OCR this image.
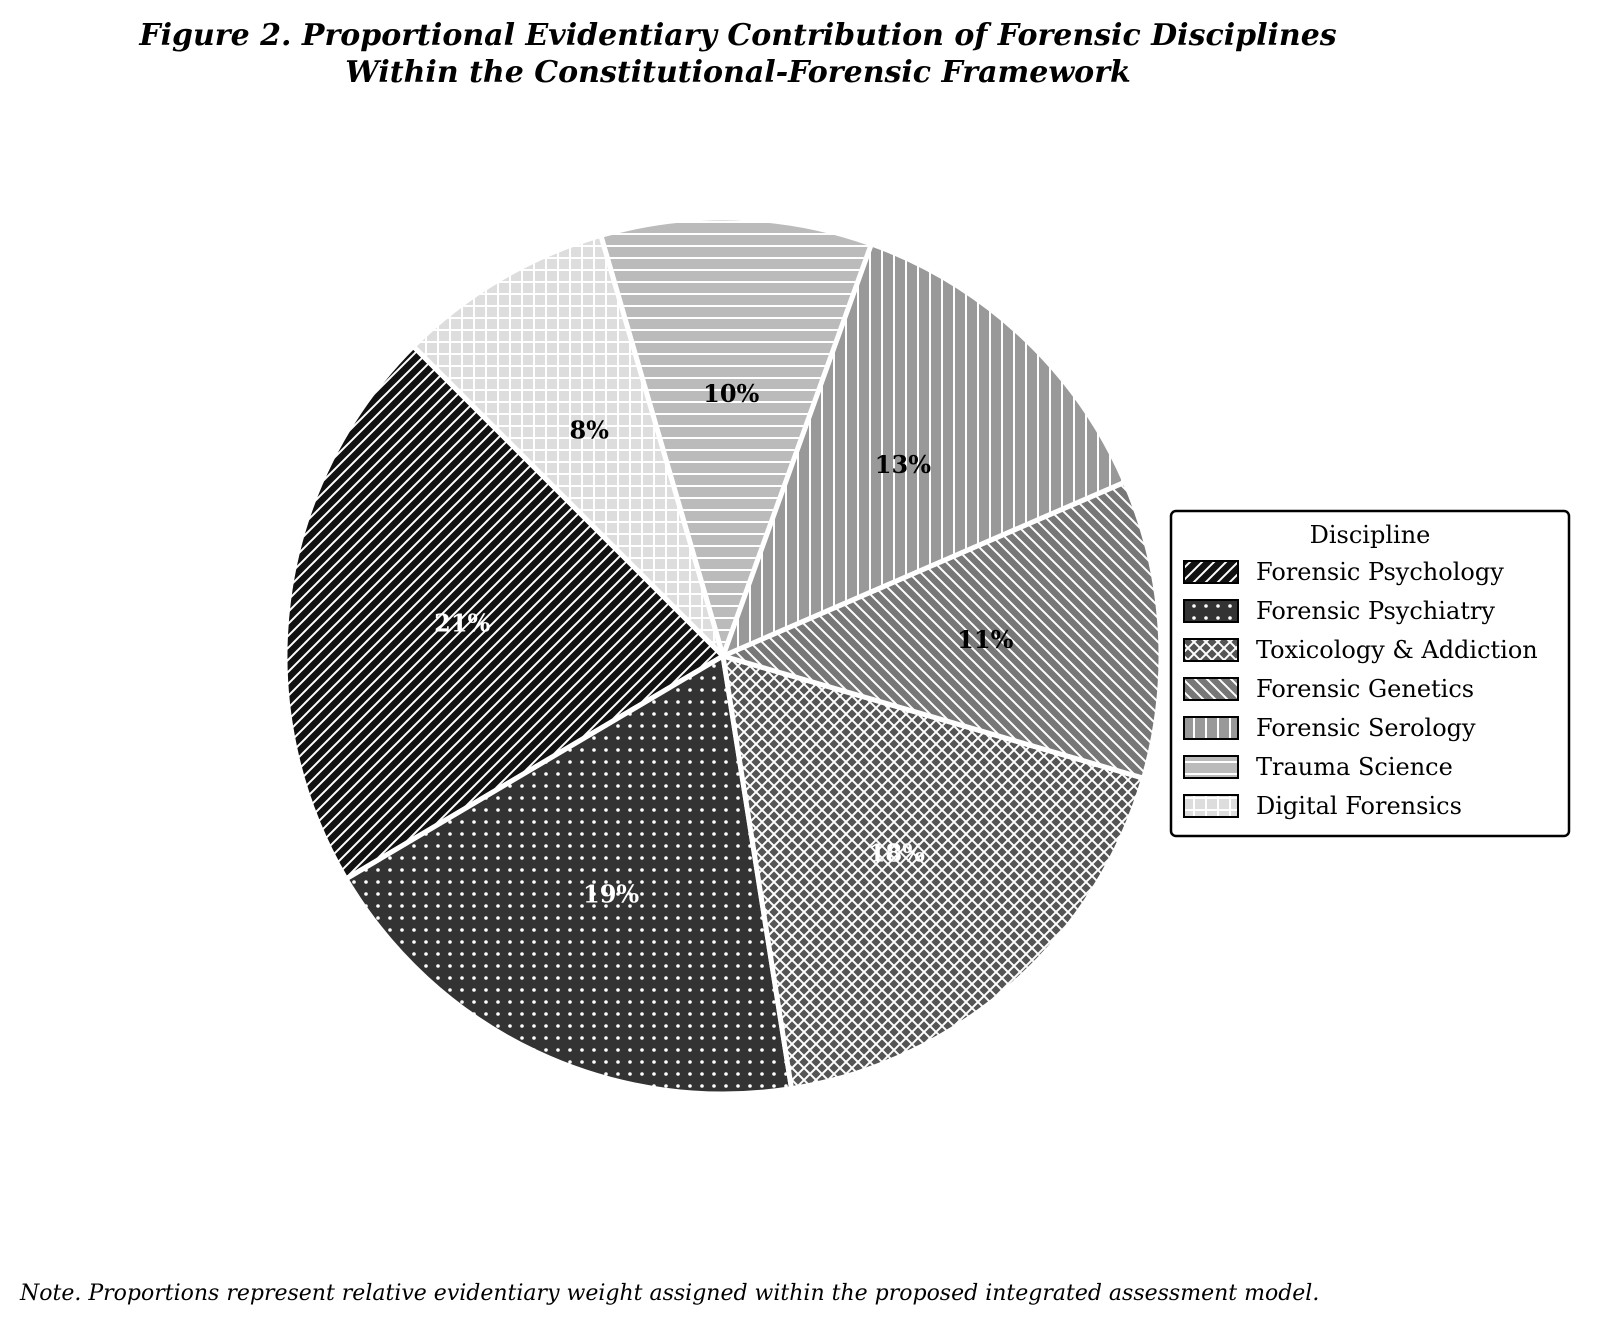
Figure 2. Proportional Evidentiary Contribution of Forensic Disciplines
Within the Constitutional-Forensic Framework
21%
19%
18%
11%
13%
10%
8%
Discipline
Forensic Psychology
Forensic Psychiatry
Toxicology & Addiction
Forensic Genetics
Forensic Serology
Trauma Science
Digital Forensics
Note. Proportions represent relative evidentiary weight assigned within the proposed integrated assessment model.
